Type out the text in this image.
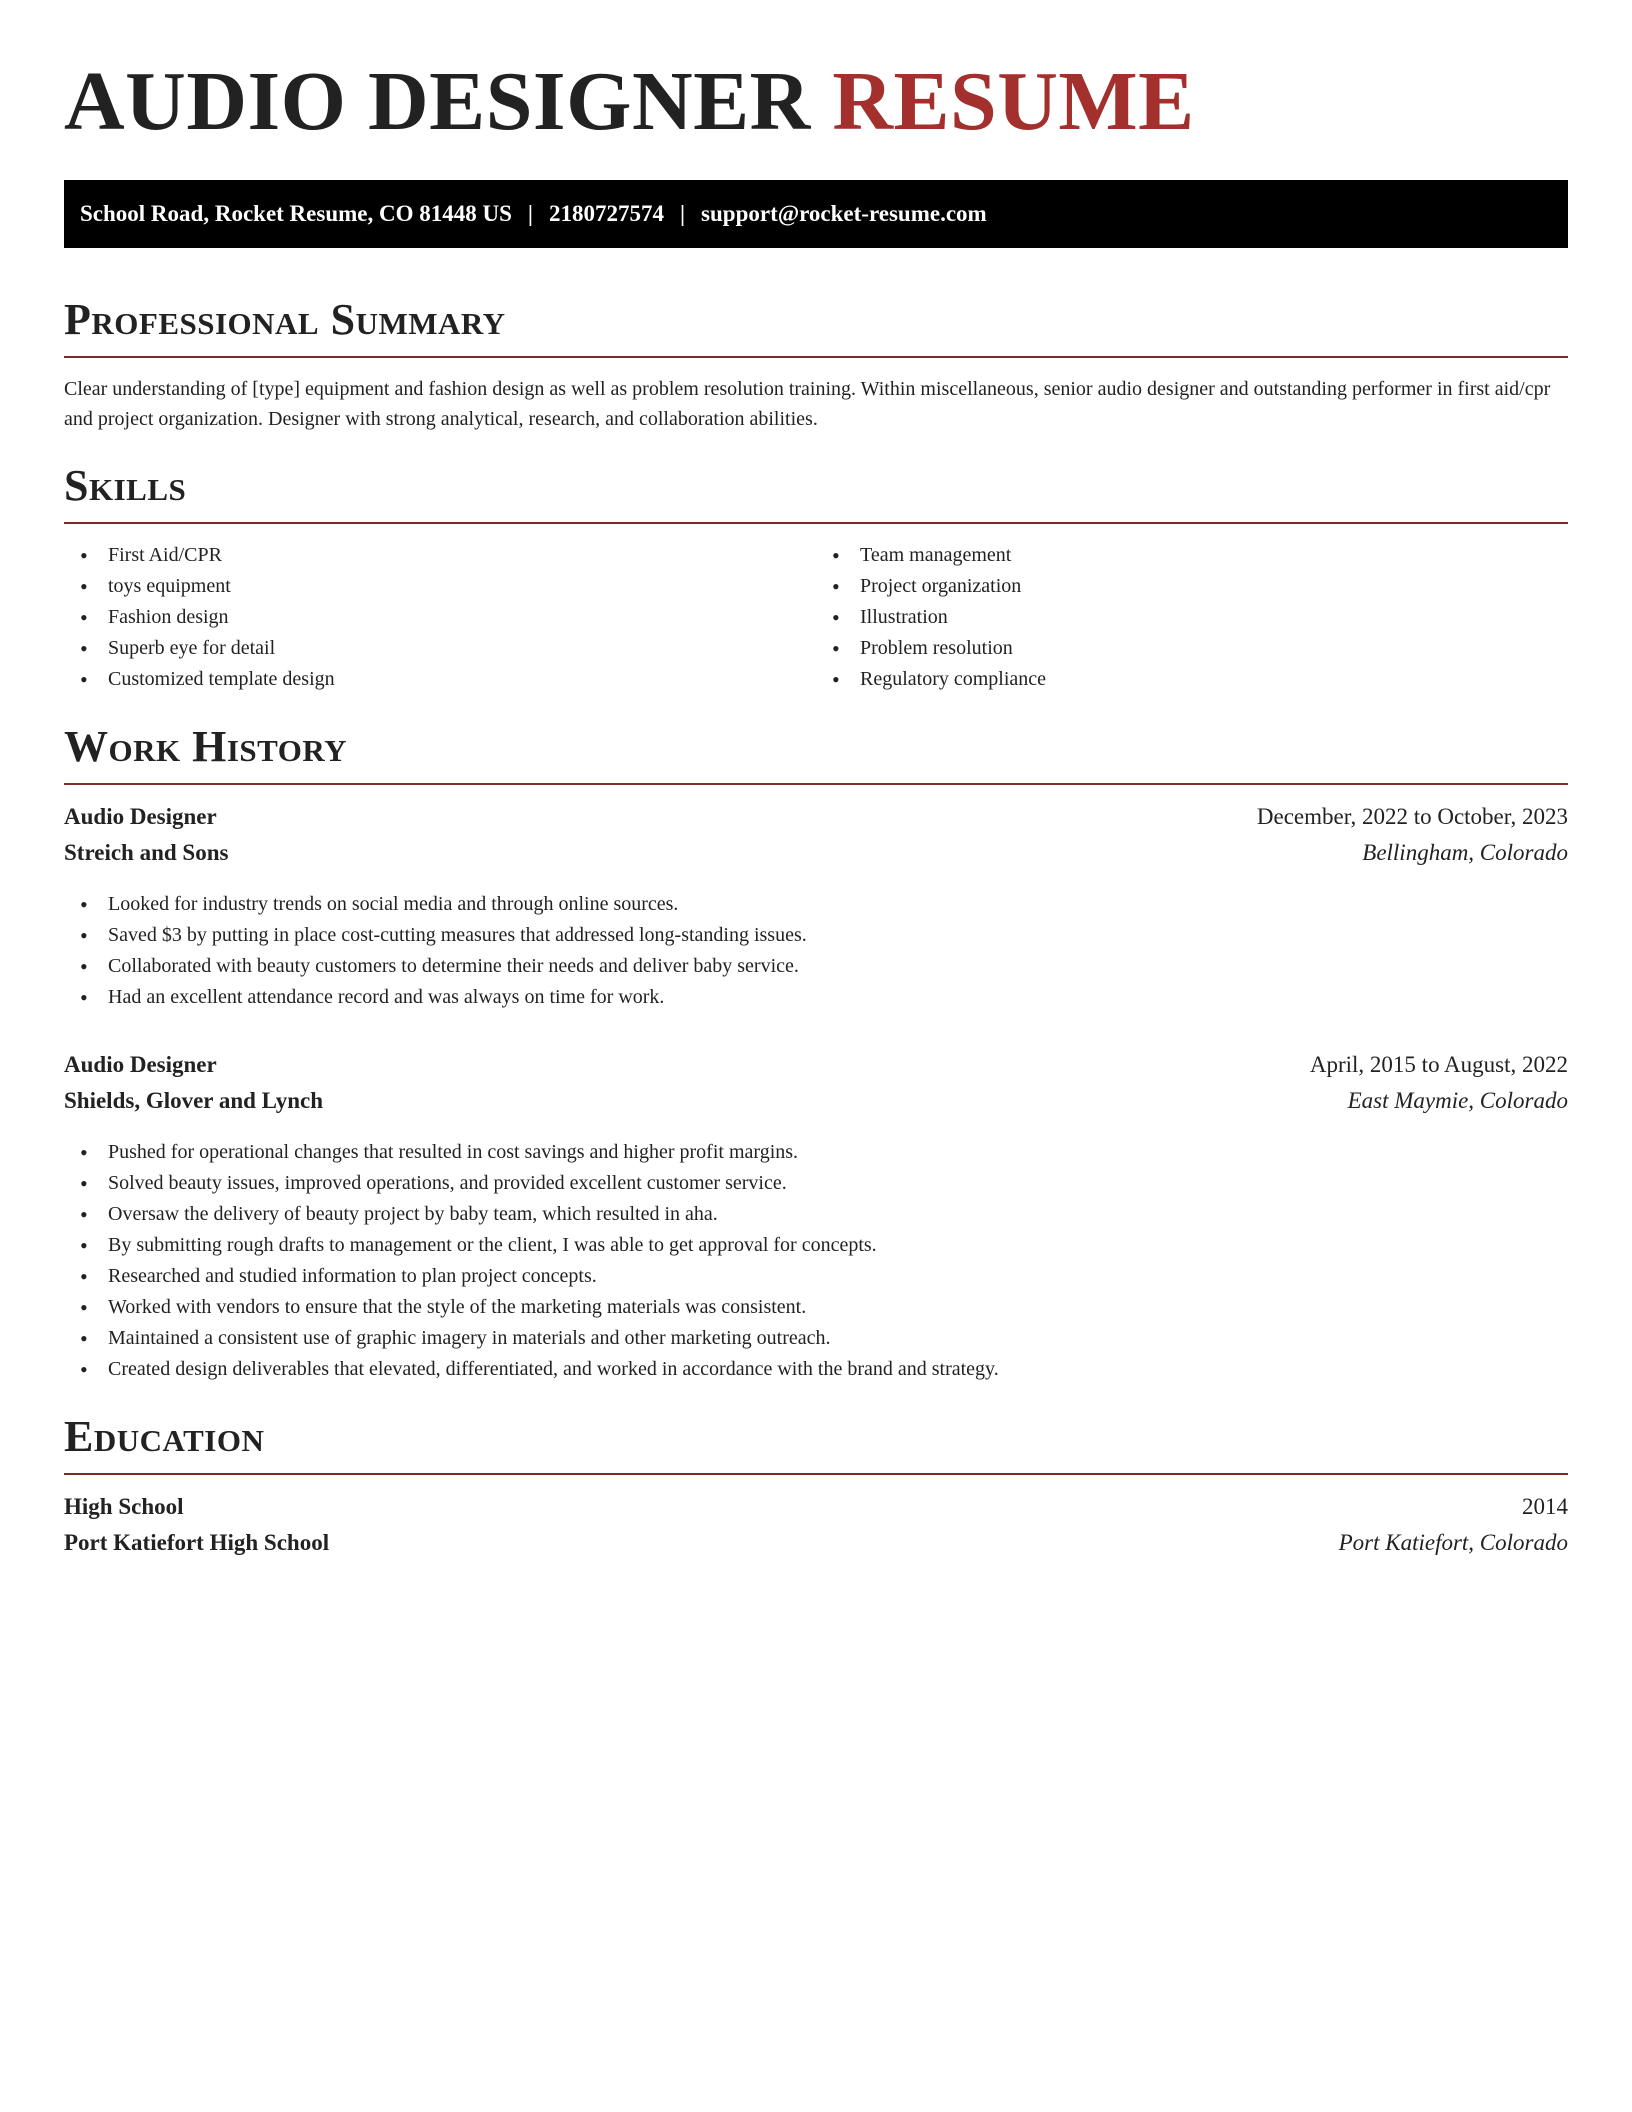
AUDIO DESIGNER RESUME
School Road, Rocket Resume, CO 81448 US | 2180727574 | support@rocket-resume.com
Professional Summary

Clear understanding of [type] equipment and fashion design as well as problem resolution training. Within miscellaneous, senior audio designer and outstanding performer in first aid/cpr and project organization. Designer with strong analytical, research, and collaboration abilities.

Skills
• First Aid/CPR
• toys equipment
• Fashion design
• Superb eye for detail
• Customized template design
• Team management
• Project organization
• Illustration
• Problem resolution
• Regulatory compliance
Work History
Audio Designer	December, 2022 to October, 2023
Streich and Sons	Bellingham, Colorado
• Looked for industry trends on social media and through online sources.
• Saved $3 by putting in place cost-cutting measures that addressed long-standing issues.
• Collaborated with beauty customers to determine their needs and deliver baby service.
• Had an excellent attendance record and was always on time for work.
Audio Designer	April, 2015 to August, 2022
Shields, Glover and Lynch	East Maymie, Colorado
• Pushed for operational changes that resulted in cost savings and higher profit margins.
• Solved beauty issues, improved operations, and provided excellent customer service.
• Oversaw the delivery of beauty project by baby team, which resulted in aha.
• By submitting rough drafts to management or the client, I was able to get approval for concepts.
• Researched and studied information to plan project concepts.
• Worked with vendors to ensure that the style of the marketing materials was consistent.
• Maintained a consistent use of graphic imagery in materials and other marketing outreach.
• Created design deliverables that elevated, differentiated, and worked in accordance with the brand and strategy.
Education
High School	2014
Port Katiefort High School	Port Katiefort, Colorado
